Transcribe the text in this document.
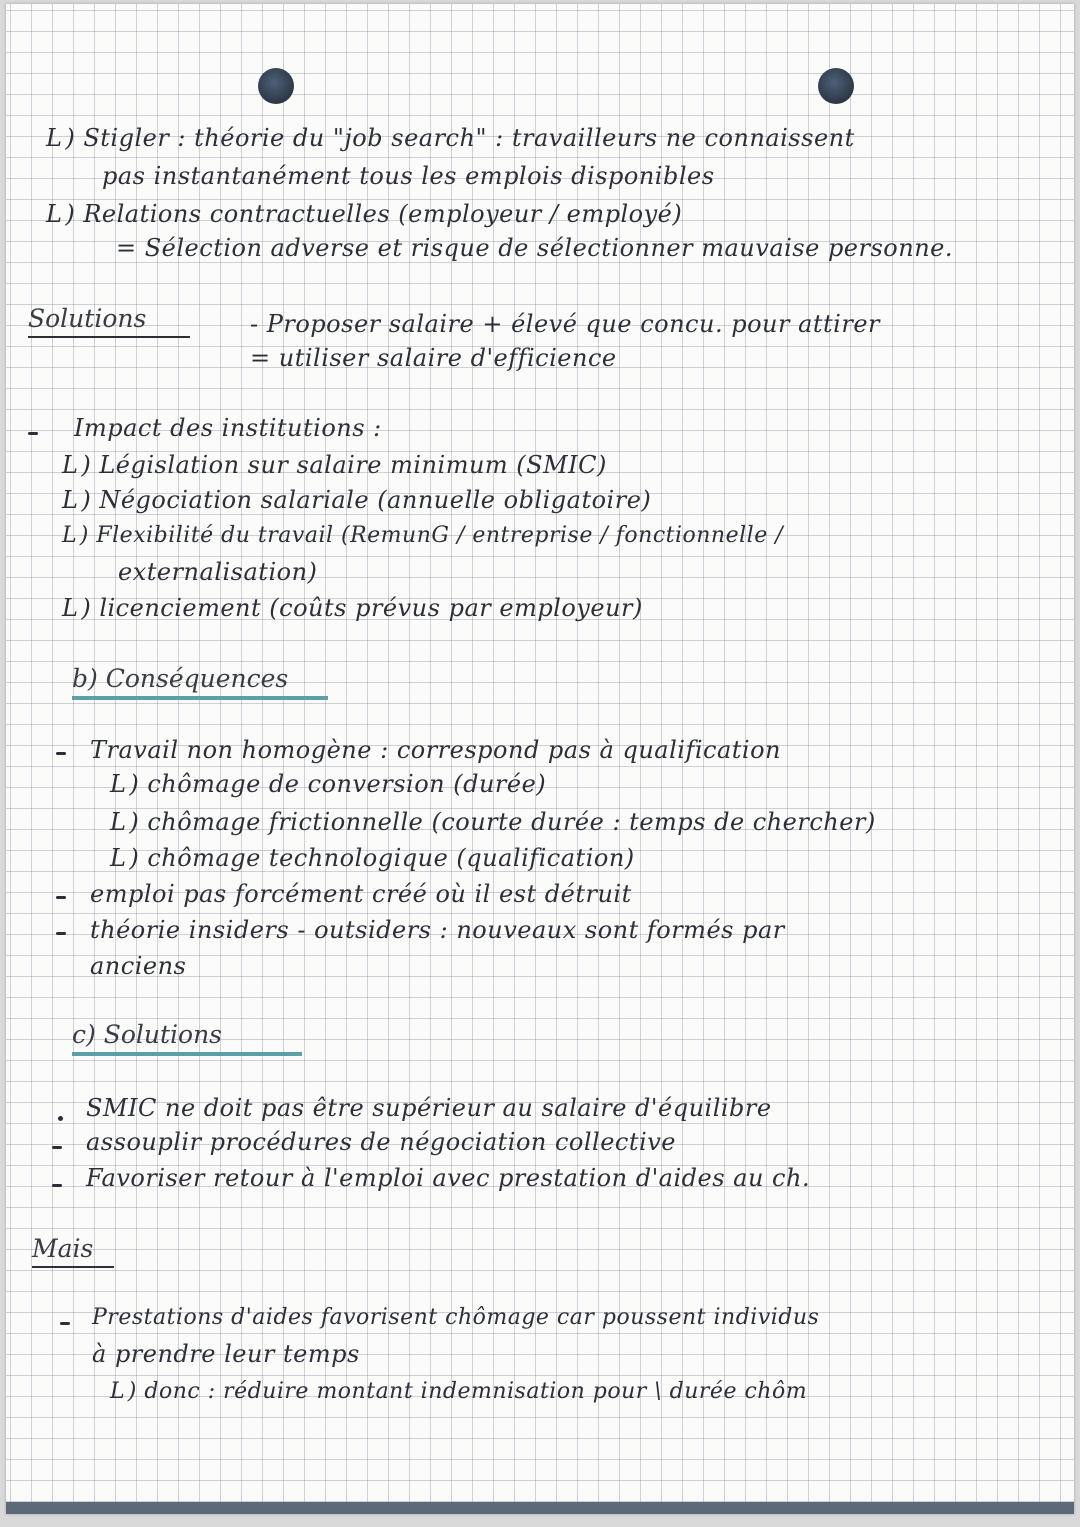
L ) Stigler : théorie du "job search" : travailleurs ne connaissent
pas instantanément tous les emplois disponibles
L ) Relations contractuelles (employeur / employé)
= Sélection adverse et risque de sélectionner mauvaise personne.
Solutions	- Proposer salaire + élevé que concu. pour attirer
= utiliser salaire d'efficience
Impact des institutions :
L ) Législation sur salaire minimum (SMIC)
L ) Négociation salariale (annuelle obligatoire)
L ) Flexibilité du travail (RemunG / entreprise / fonctionnelle /
externalisation)
L ) licenciement (coûts prévus par employeur)
b) Conséquences
Travail non homogène : correspond pas à qualification
L ) chômage de conversion (durée)
L ) chômage frictionnelle (courte durée : temps de chercher)
L ) chômage technologique (qualification)
emploi pas forcément créé où il est détruit
théorie insiders - outsiders : nouveaux sont formés par
anciens
c) Solutions
SMIC ne doit pas être supérieur au salaire d'équilibre
assouplir procédures de négociation collective
Favoriser retour à l'emploi avec prestation d'aides au ch.
Mais
Prestations d'aides favorisent chômage car poussent individus
à prendre leur temps
L ) donc : réduire montant indemnisation pour \ durée chôm
